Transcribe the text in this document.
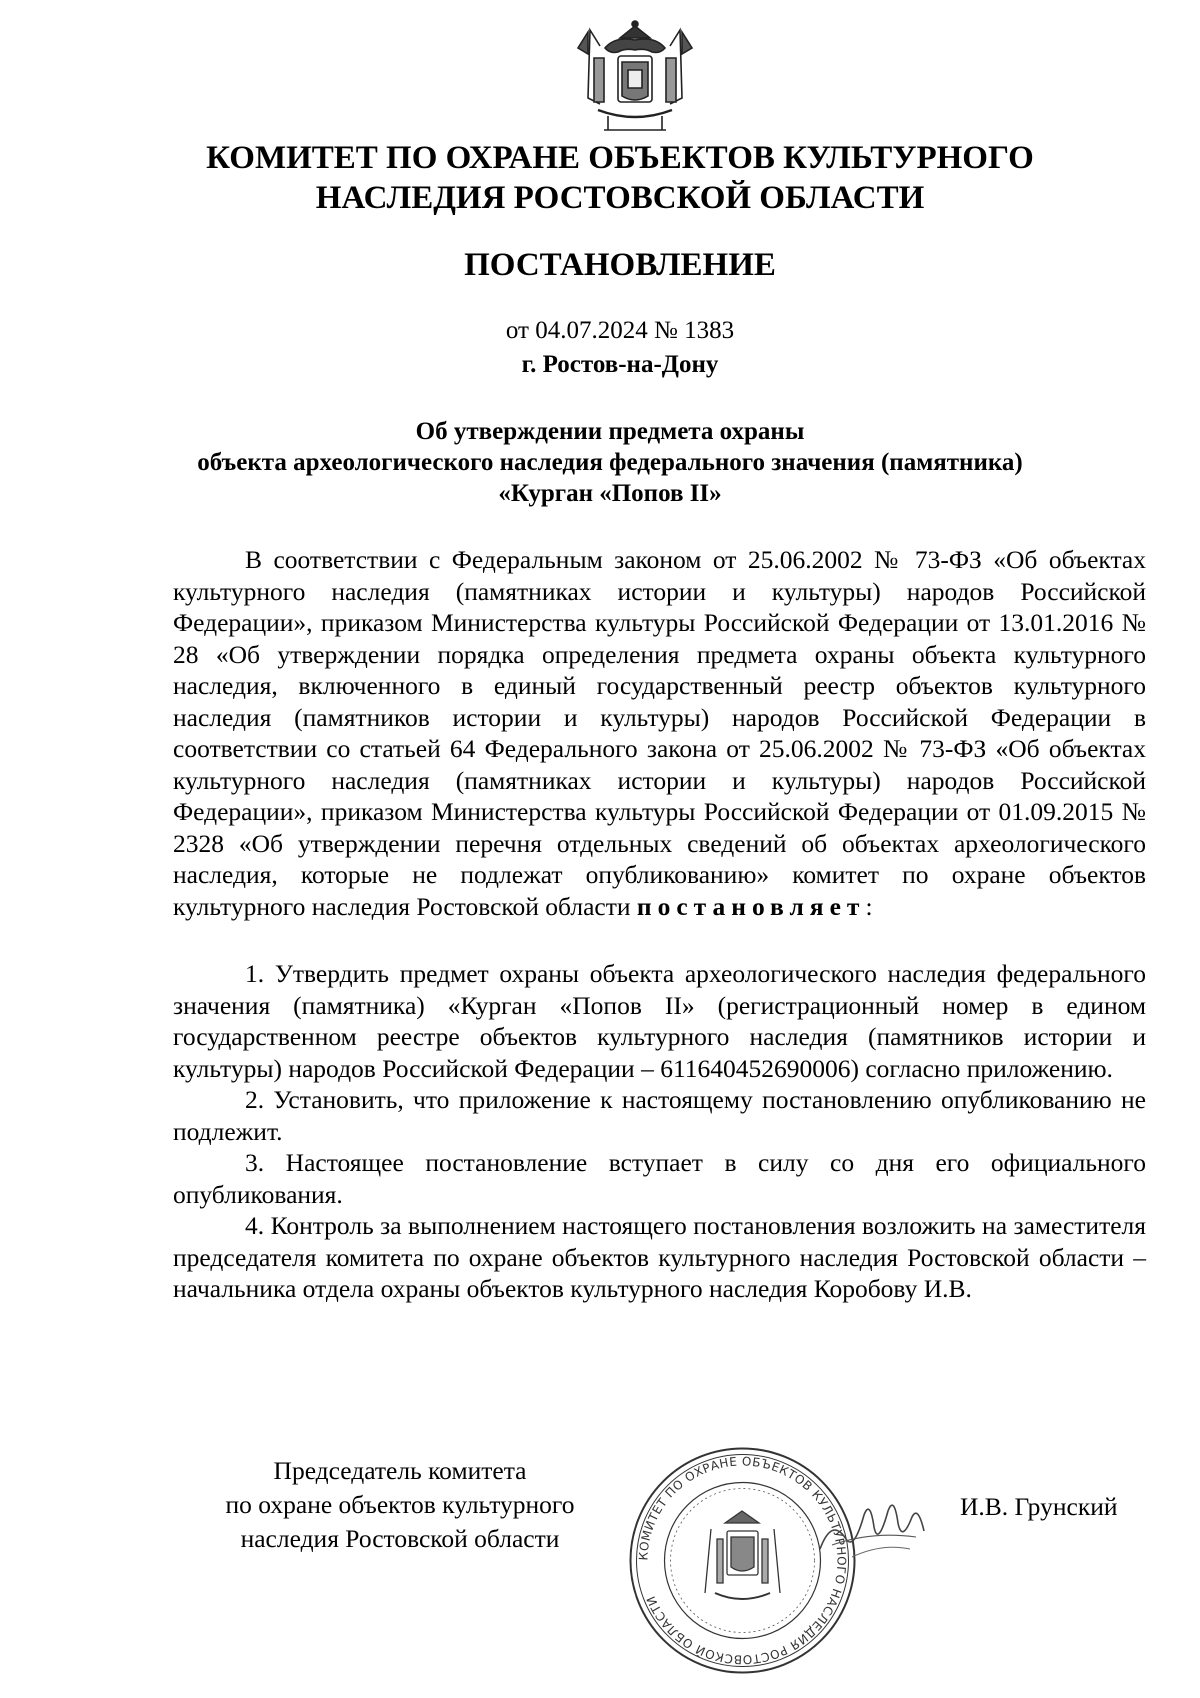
КОМИТЕТ ПО ОХРАНЕ ОБЪЕКТОВ КУЛЬТУРНОГО
НАСЛЕДИЯ РОСТОВСКОЙ ОБЛАСТИ
ПОСТАНОВЛЕНИЕ
от 04.07.2024 № 1383
г. Ростов-на-Дону
Об утверждении предмета охраны
объекта археологического наследия федерального значения (памятника)
«Курган «Попов II»

В соответствии с Федеральным законом от 25.06.2002 № 73-ФЗ «Об объектах культурного наследия (памятниках истории и культуры) народов Российской Федерации», приказом Министерства культуры Российской Федерации от 13.01.2016 № 28 «Об утверждении порядка определения предмета охраны объекта культурного наследия, включенного в единый государственный реестр объектов культурного наследия (памятников истории и культуры) народов Российской Федерации в соответствии со статьей 64 Федерального закона от 25.06.2002 № 73-ФЗ «Об объектах культурного наследия (памятниках истории и культуры) народов Российской Федерации», приказом Министерства культуры Российской Федерации от 01.09.2015 № 2328 «Об утверждении перечня отдельных сведений об объектах археологического наследия, которые не подлежат опубликованию» комитет по охране объектов культурного наследия Ростовской области постановляет:

1. Утвердить предмет охраны объекта археологического наследия федерального значения (памятника) «Курган «Попов II» (регистрационный номер в едином государственном реестре объектов культурного наследия (памятников истории и культуры) народов Российской Федерации – 611640452690006) согласно приложению.

2. Установить, что приложение к настоящему постановлению опубликованию не подлежит.

3. Настоящее постановление вступает в силу со дня его официального опубликования.

4. Контроль за выполнением настоящего постановления возложить на заместителя председателя комитета по охране объектов культурного наследия Ростовской области – начальника отдела охраны объектов культурного наследия Коробову И.В.

Председатель комитета
по охране объектов культурного
наследия Ростовской области
КОМИТЕТ ПО ОХРАНЕ ОБЪЕКТОВ КУЛЬТУРНОГО НАСЛЕДИЯ РОСТОВСКОЙ ОБЛАСТИ
И.В. Грунский
